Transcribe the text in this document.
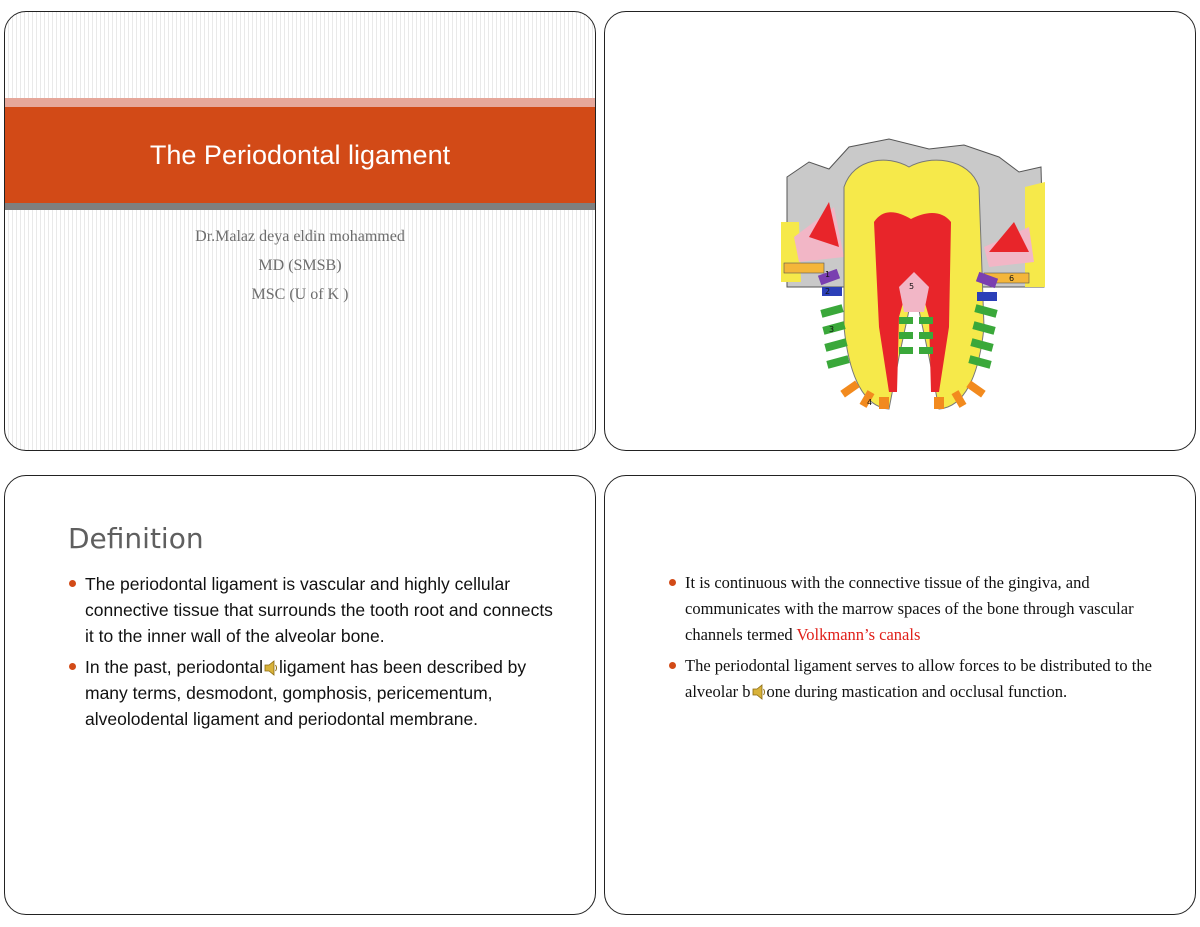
The Periodontal ligament
Dr.Malaz deya eldin mohammed
MD (SMSB)
MSC (U of K )
1
2
3
4
5
6
Definition
The periodontal ligament is vascular and highly cellular connective tissue that surrounds the tooth root and connects it to the inner wall of the alveolar bone.
In the past, periodontal ligament has been described by many terms, desmodont, gomphosis, pericementum, alveolodental ligament and periodontal membrane.
It is continuous with the connective tissue of the gingiva, and communicates with the marrow spaces of the bone through vascular channels termed Volkmann’s canals
The periodontal ligament serves to allow forces to be distributed to the alveolar b one during mastication and occlusal function.
